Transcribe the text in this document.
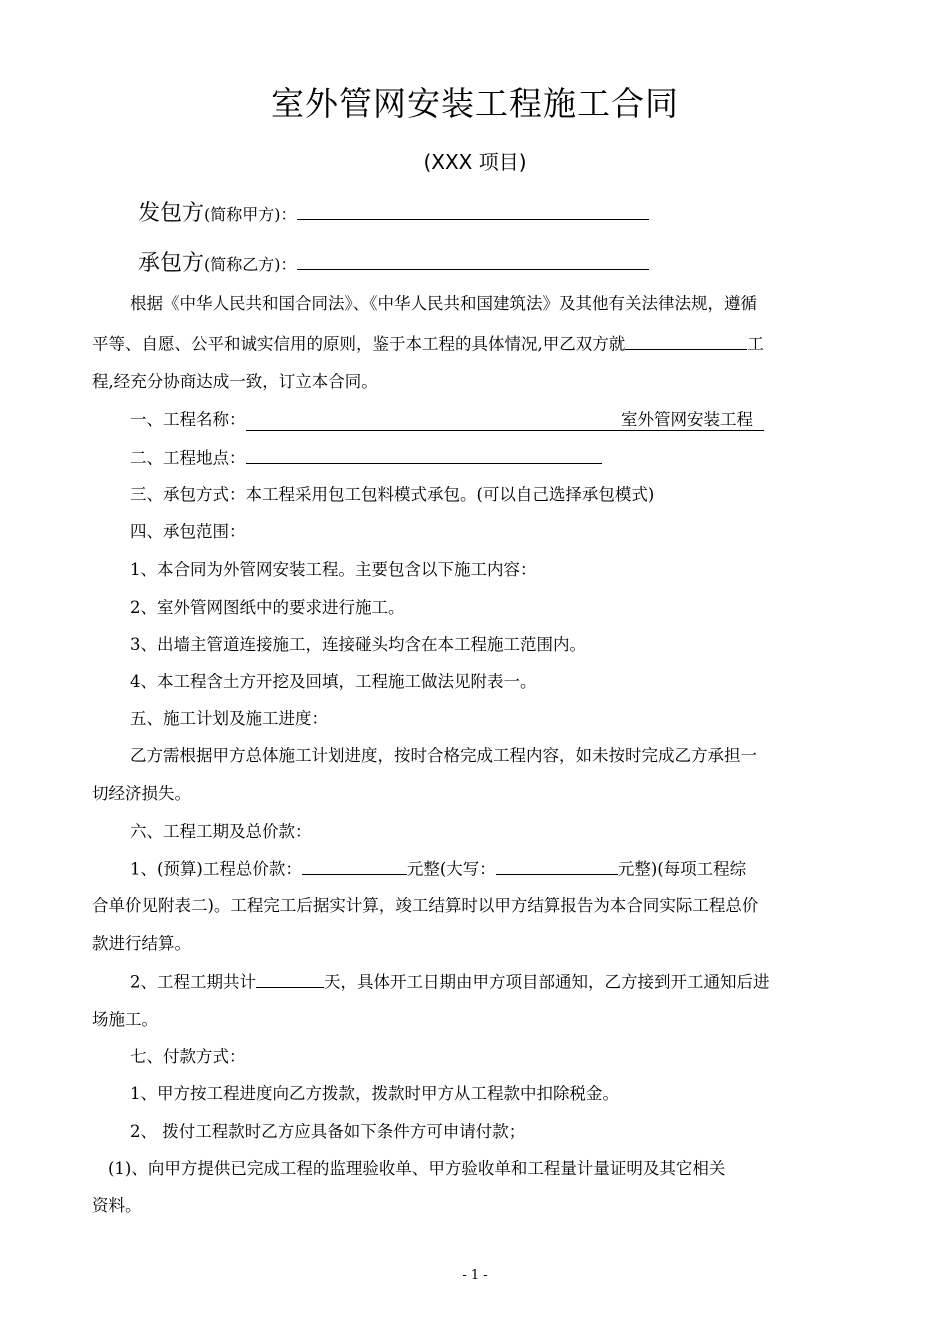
室外管网安装工程施工合同
(XXX 项目)
发包方(简称甲方)：
承包方(简称乙方)：
根据《中华人民共和国合同法》、《中华人民共和国建筑法》及其他有关法律法规，遵循
平等、自愿、公平和诚实信用的原则，鉴于本工程的具体情况,甲乙双方就	工
程,经充分协商达成一致，订立本合同。
一、工程名称：	室外管网安装工程
二、工程地点：
三、承包方式：本工程采用包工包料模式承包。(可以自己选择承包模式)
四、承包范围：
1、本合同为外管网安装工程。主要包含以下施工内容：
2、室外管网图纸中的要求进行施工。
3、出墙主管道连接施工，连接碰头均含在本工程施工范围内。
4、本工程含土方开挖及回填，工程施工做法见附表一。
五、施工计划及施工进度：
乙方需根据甲方总体施工计划进度，按时合格完成工程内容，如未按时完成乙方承担一
切经济损失。
六、工程工期及总价款：
1、(预算)工程总价款：	元整(大写：	元整)(每项工程综
合单价见附表二)。工程完工后据实计算，竣工结算时以甲方结算报告为本合同实际工程总价
款进行结算。
2、工程工期共计	天，具体开工日期由甲方项目部通知，乙方接到开工通知后进
场施工。
七、付款方式：
1、甲方按工程进度向乙方拨款，拨款时甲方从工程款中扣除税金。
2、 拨付工程款时乙方应具备如下条件方可申请付款；
(1)、向甲方提供已完成工程的监理验收单、甲方验收单和工程量计量证明及其它相关
资料。
- 1 -
